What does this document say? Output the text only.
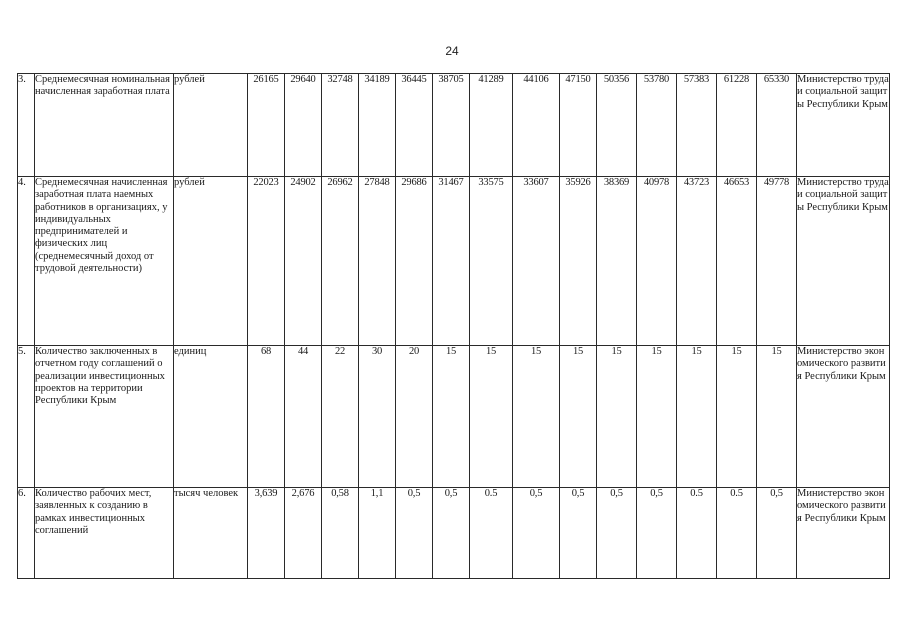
24
3.	Среднемесячная номинальная начисленная заработная плата	рублей	26165	29640	32748	34189	36445	38705	41289	44106	47150	50356	53780	57383	61228	65330	Министерство труда и социальной защиты Республики Крым
4.	Среднемесячная начисленная заработная плата наемных работников в организациях, у индивидуальных предпринимателей и физических лиц (среднемесячный доход от трудовой деятельности)	рублей	22023	24902	26962	27848	29686	31467	33575	33607	35926	38369	40978	43723	46653	49778	Министерство труда и социальной защиты Республики Крым
5.	Количество заключенных в отчетном году соглашений о реализации инвестиционных проектов на территории Республики Крым	единиц	68	44	22	30	20	15	15	15	15	15	15	15	15	15	Министерство экономического развития Республики Крым
6.	Количество рабочих мест, заявленных к созданию в рамках инвестиционных соглашений	тысяч человек	3,639	2,676	0,58	1,1	0,5	0,5	0.5	0,5	0,5	0,5	0,5	0.5	0.5	0,5	Министерство экономического развития Республики Крым
